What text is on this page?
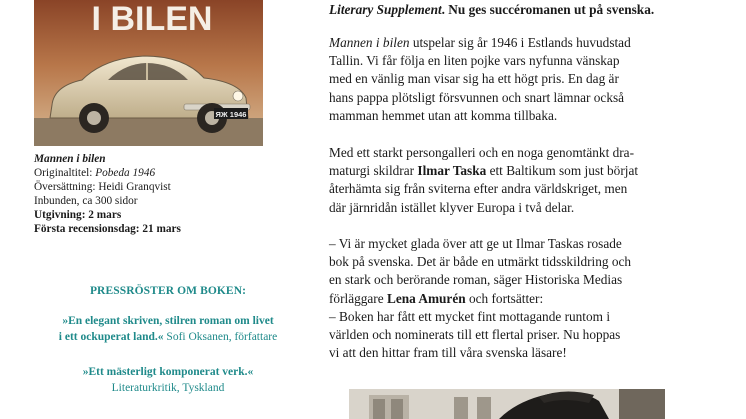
I BILEN
ЯЖ 1946
Mannen i bilen
Originaltitel: Pobeda 1946
Översättning: Heidi Granqvist
Inbunden, ca 300 sidor
Utgivning: 2 mars
Första recensionsdag: 21 mars
PRESSRÖSTER OM BOKEN:
»En elegant skriven, stilren roman om livet
i ett ockuperat land.« Sofi Oksanen, författare
»Ett mästerligt komponerat verk.«
Literaturkritik, Tyskland

Literary Supplement. Nu ges succéromanen ut på svenska.

Mannen i bilen utspelar sig år 1946 i Estlands huvudstad
Tallin. Vi får följa en liten pojke vars nyfunna vänskap
med en vänlig man visar sig ha ett högt pris. En dag är
hans pappa plötsligt försvunnen och snart lämnar också
mamman hemmet utan att komma tillbaka.

Med ett starkt persongalleri och en noga genomtänkt dra-
maturgi skildrar Ilmar Taska ett Baltikum som just börjat
återhämta sig från sviterna efter andra världskriget, men
där järnridån istället klyver Europa i två delar.

– Vi är mycket glada över att ge ut Ilmar Taskas rosade
bok på svenska. Det är både en utmärkt tidsskildring och
en stark och berörande roman, säger Historiska Medias
förläggare Lena Amurén och fortsätter:
– Boken har fått ett mycket fint mottagande runtom i
världen och nominerats till ett flertal priser. Nu hoppas
vi att den hittar fram till våra svenska läsare!
